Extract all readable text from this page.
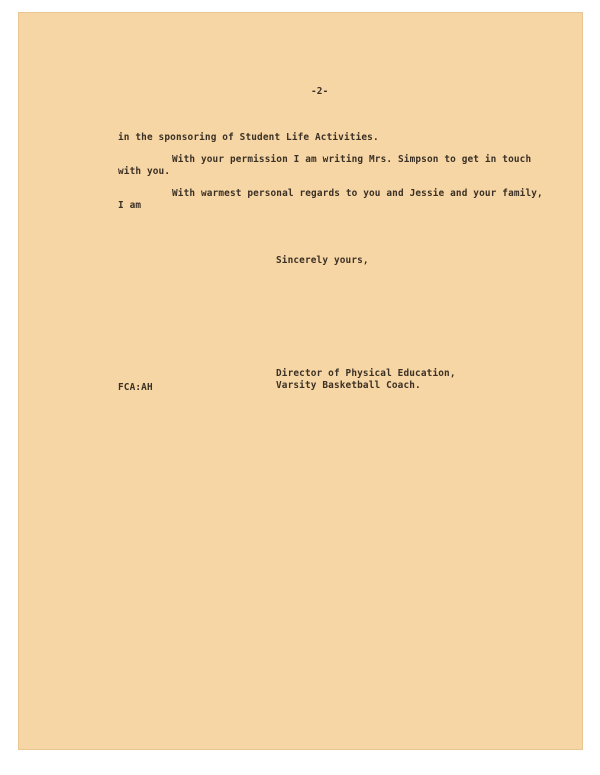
-2-
in the sponsoring of Student Life Activities.
With your permission I am writing Mrs. Simpson to get in touch
with you.
With warmest personal regards to you and Jessie and your family,
I am
Sincerely yours,
Director of Physical Education,
Varsity Basketball Coach.
FCA:AH
